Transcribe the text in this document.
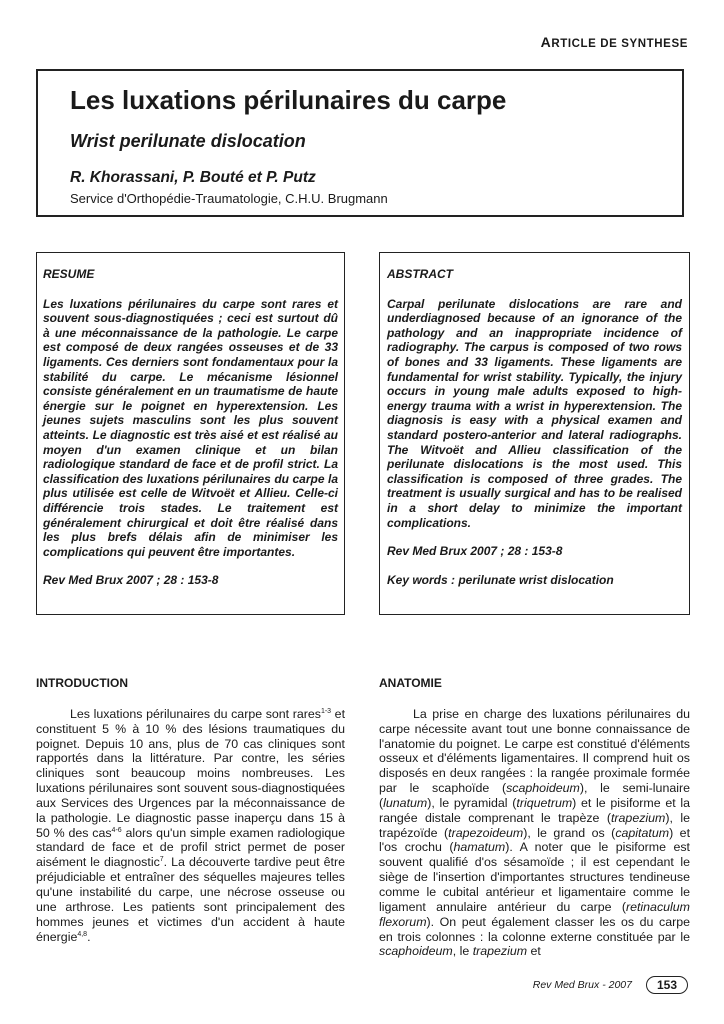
ARTICLE DE SYNTHESE
Les luxations périlunaires du carpe
Wrist perilunate dislocation
R. Khorassani, P. Bouté et P. Putz
Service d'Orthopédie-Traumatologie, C.H.U. Brugmann
RESUME

Les luxations périlunaires du carpe sont rares et souvent sous-diagnostiquées ; ceci est surtout dû à une méconnaissance de la pathologie. Le carpe est composé de deux rangées osseuses et de 33 ligaments. Ces derniers sont fondamentaux pour la stabilité du carpe. Le mécanisme lésionnel consiste généralement en un traumatisme de haute énergie sur le poignet en hyperextension. Les jeunes sujets masculins sont les plus souvent atteints. Le diagnostic est très aisé et est réalisé au moyen d'un examen clinique et un bilan radiologique standard de face et de profil strict. La classification des luxations périlunaires du carpe la plus utilisée est celle de Witvoët et Allieu. Celle-ci différencie trois stades. Le traitement est généralement chirurgical et doit être réalisé dans les plus brefs délais afin de minimiser les complications qui peuvent être importantes.

Rev Med Brux 2007 ; 28 : 153-8
ABSTRACT

Carpal perilunate dislocations are rare and underdiagnosed because of an ignorance of the pathology and an inappropriate incidence of radiography. The carpus is composed of two rows of bones and 33 ligaments. These ligaments are fundamental for wrist stability. Typically, the injury occurs in young male adults exposed to high-energy trauma with a wrist in hyperextension. The diagnosis is easy with a physical examen and standard postero-anterior and lateral radiographs. The Witvoët and Allieu classification of the perilunate dislocations is the most used. This classification is composed of three grades. The treatment is usually surgical and has to be realised in a short delay to minimize the important complications.

Rev Med Brux 2007 ; 28 : 153-8
Key words : perilunate wrist dislocation
INTRODUCTION

Les luxations périlunaires du carpe sont rares$^{1-3}$ et constituent 5 % à 10 % des lésions traumatiques du poignet. Depuis 10 ans, plus de 70 cas cliniques sont rapportés dans la littérature. Par contre, les séries cliniques sont beaucoup moins nombreuses. Les luxations périlunaires sont souvent sous-diagnostiquées aux Services des Urgences par la méconnaissance de la pathologie. Le diagnostic passe inaperçu dans 15 à 50 % des cas$^{4-6}$ alors qu'un simple examen radiologique standard de face et de profil strict permet de poser aisément le diagnostic$^7$. La découverte tardive peut être préjudiciable et entraîner des séquelles majeures telles qu'une instabilité du carpe, une nécrose osseuse ou une arthrose. Les patients sont principalement des hommes jeunes et victimes d'un accident à haute énergie$^{4,8}$.

ANATOMIE

La prise en charge des luxations périlunaires du carpe nécessite avant tout une bonne connaissance de l'anatomie du poignet. Le carpe est constitué d'éléments osseux et d'éléments ligamentaires. Il comprend huit os disposés en deux rangées : la rangée proximale formée par le scaphoïde (scaphoideum), le semi-lunaire (lunatum), le pyramidal (triquetrum) et le pisiforme et la rangée distale comprenant le trapèze (trapezium), le trapézoïde (trapezoideum), le grand os (capitatum) et l'os crochu (hamatum). A noter que le pisiforme est souvent qualifié d'os sésamoïde ; il est cependant le siège de l'insertion d'importantes structures tendineuse comme le cubital antérieur et ligamentaire comme le ligament annulaire antérieur du carpe (retinaculum flexorum). On peut également classer les os du carpe en trois colonnes : la colonne externe constituée par le scaphoideum, le trapezium et

Rev Med Brux - 2007	153
